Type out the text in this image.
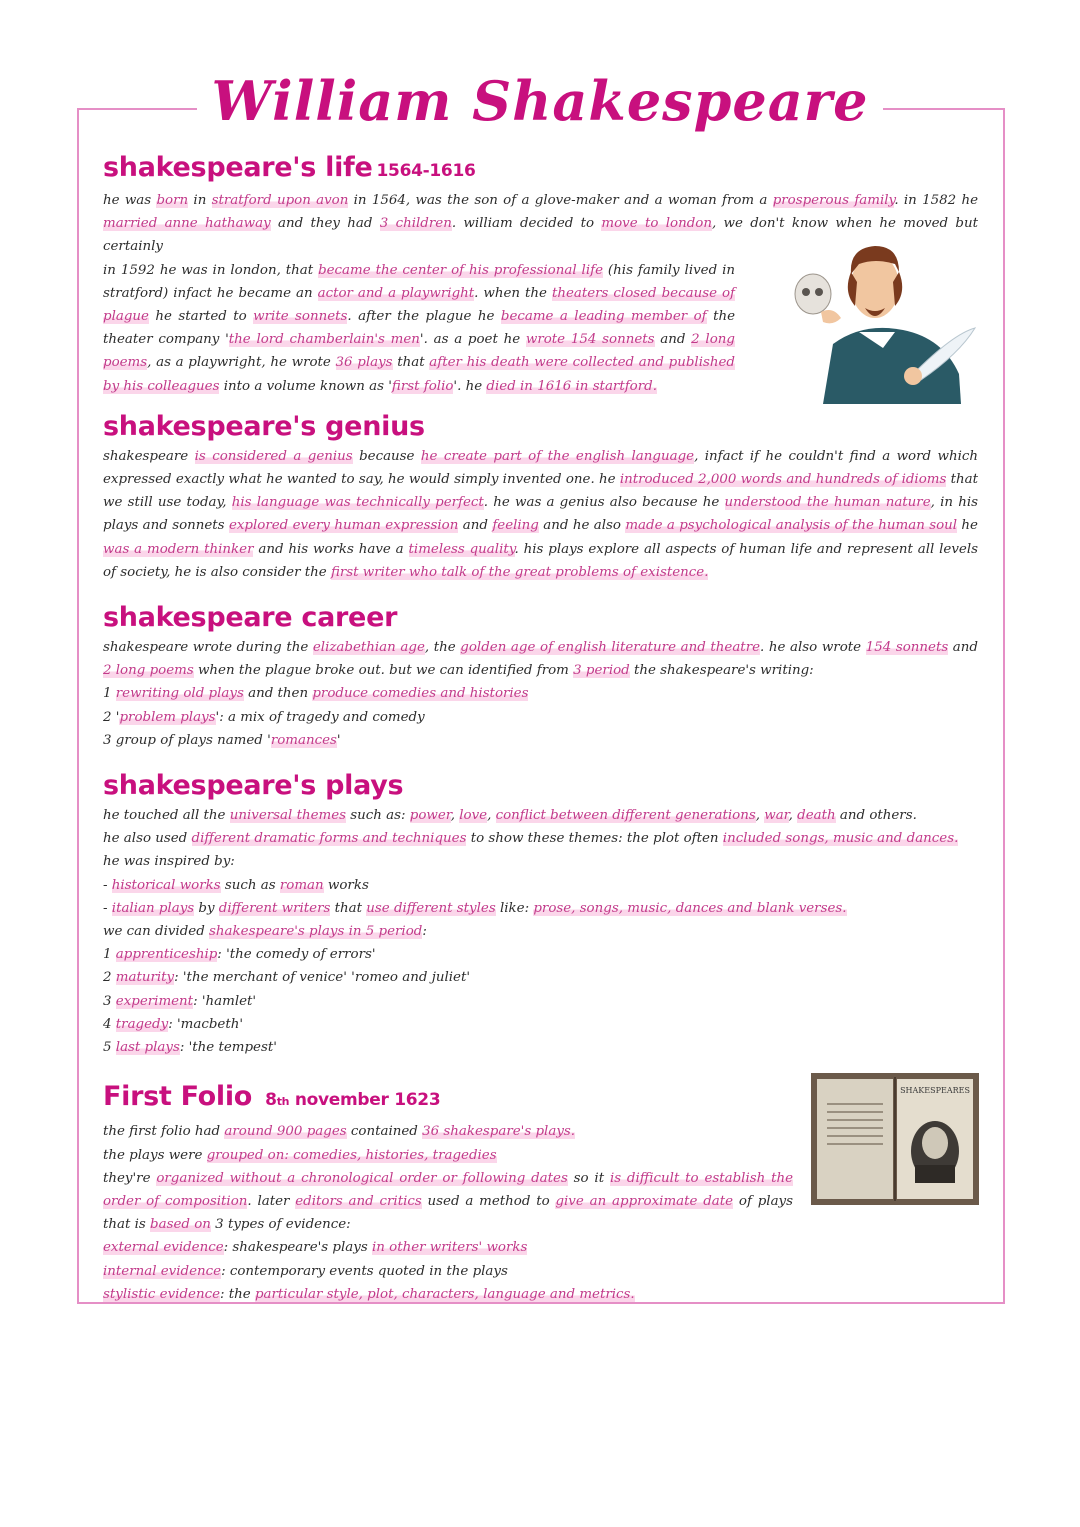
William Shakespeare
shakespeare's life 1564-1616

he was born in stratford upon avon in 1564, was the son of a glove-maker and a woman from a prosperous family. in 1582 he married anne hathaway and they had 3 children. william decided to move to london, we don't know when he moved but certainly

in 1592 he was in london, that became the center of his professional life (his family lived in stratford) infact he became an actor and a playwright. when the theaters closed because of plague he started to write sonnets. after the plague he became a leading member of the theater company 'the lord chamberlain's men'. as a poet he wrote 154 sonnets and 2 long poems, as a playwright, he wrote 36 plays that after his death were collected and published by his colleagues into a volume known as 'first folio'. he died in 1616 in startford.

shakespeare's genius

shakespeare is considered a genius because he create part of the english language, infact if he couldn't find a word which expressed exactly what he wanted to say, he would simply invented one. he introduced 2,000 words and hundreds of idioms that we still use today, his language was technically perfect. he was a genius also because he understood the human nature, in his plays and sonnets explored every human expression and feeling and he also made a psychological analysis of the human soul he was a modern thinker and his works have a timeless quality. his plays explore all aspects of human life and represent all levels of society, he is also consider the first writer who talk of the great problems of existence.

shakespeare career

shakespeare wrote during the elizabethian age, the golden age of english literature and theatre. he also wrote 154 sonnets and 2 long poems when the plague broke out. but we can identified from 3 period the shakespeare's writing:

1 rewriting old plays and then produce comedies and histories
2 'problem plays': a mix of tragedy and comedy
3 group of plays named 'romances'

shakespeare's plays

he touched all the universal themes such as: power, love, conflict between different generations, war, death and others.
he also used different dramatic forms and techniques to show these themes: the plot often included songs, music and dances.
he was inspired by:
- historical works such as roman works
- italian plays by different writers that use different styles like: prose, songs, music, dances and blank verses.
we can divided shakespeare's plays in 5 period:
1 apprenticeship: 'the comedy of errors'
2 maturity: 'the merchant of venice' 'romeo and juliet'
3 experiment: 'hamlet'
4 tragedy: 'macbeth'
5 last plays: 'the tempest'

First Folio 8th november 1623

the first folio had around 900 pages contained 36 shakespare's plays.
the plays were grouped on: comedies, histories, tragedies
they're organized without a chronological order or following dates so it is difficult to establish the order of composition. later editors and critics used a method to give an approximate date of plays that is based on 3 types of evidence:
external evidence: shakespeare's plays in other writers' works
internal evidence: contemporary events quoted in the plays
stylistic evidence: the particular style, plot, characters, language and metrics.

SHAKESPEARES
